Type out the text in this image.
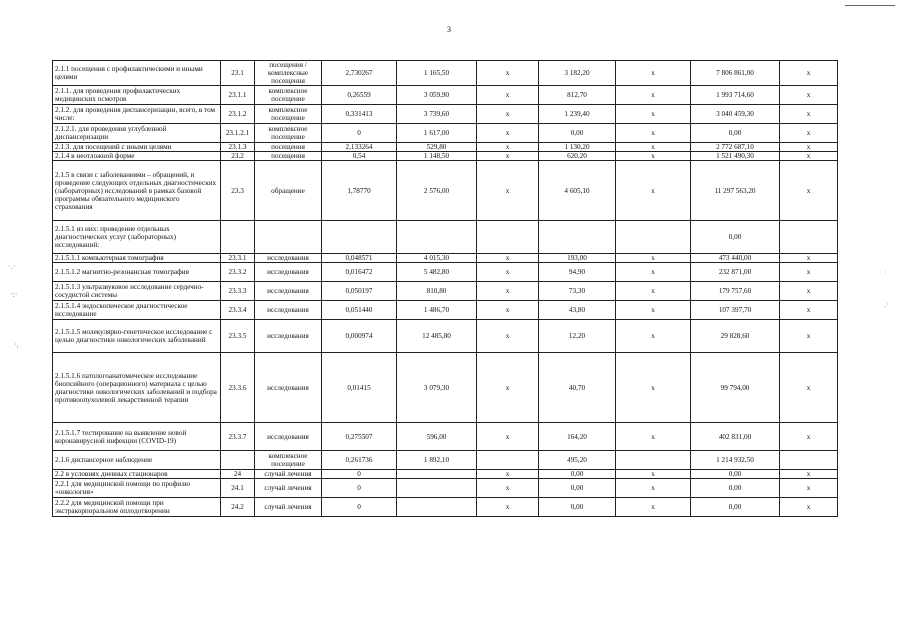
3
·.·
·:·
·,
·
.·
2.1.1 посещения с профилактическими и иными целями	23.1	посещения / комплексные посещения	2,730267	1 165,50	x	3 182,20	x	7 806 861,00	x
2.1.1. для проведения профилактических медицинских осмотров	23.1.1	комплексное посещение	0,26559	3 059,90	x	812,70	x	1 993 714,60	x
2.1.2. для проведения диспансеризации, всего, в том числе:	23.1.2	комплексное посещение	0,331413	3 739,60	x	1 239,40	x	3 040 459,30	x
2.1.2.1. для проведения углубленной диспансеризации	23.1.2.1	комплексное посещение	0	1 617,00	x	0,00	x	0,00	x
2.1.3. для посещений с иными целями	23.1.3	посещения	2,133264	529,80	x	1 130,20	x	2 772 687,10	x
2.1.4 в неотложной форме	23.2	посещения	0,54	1 148,50	x	620,20	x	1 521 490,30	x
2.1.5 в связи с заболеваниями – обращений, и проведение следующих отдельных диагностических (лабораторных) исследований в рамках базовой программы обязательного медицинского страхования	23.3	обращение	1,78770	2 576,00	x	4 605,10	x	11 297 563,20	x
2.1.5.1 из них: проведение отдельных диагностических услуг (лабораторных) исследований:								0,00	
2.1.5.1.1 компьютерная томография	23.3.1	исследования	0,048571	4 015,30	x	193,00	x	473 440,00	x
2.1.5.1.2 магнитно-резонансная томография	23.3.2	исследования	0,016472	5 482,80	x	94,90	x	232 871,00	x
2.1.5.1.3 ультразвуковое исследование сердечно-сосудистой системы	23.3.3	исследования	0,050197	810,80	x	73,30	x	179 757,60	x
2.1.5.1.4 эндоскопическое диагностическое исследование	23.3.4	исследования	0,051440	1 486,70	x	43,80	x	107 397,70	x
2.1.5.1.5 молекулярно-генетическое исследование с целью диагностики онкологических заболеваний	23.3.5	исследования	0,000974	12 485,80	x	12,20	x	29 828,60	x
2.1.5.1.6 патологоанатомическое исследование биопсийного (операционного) материала с целью диагностики онкологических заболеваний и подбора противоопухолевой лекарственной терапии	23.3.6	исследования	0,01415	3 079,30	x	40,70	x	99 794,00	x
2.1.5.1.7 тестирование на выявление новой коронавирусной инфекции (COVID-19)	23.3.7	исследования	0,275507	596,00	x	164,20	x	402 831,00	x
2.1.6 диспансерное наблюдение		комплексное посещение	0,261736	1 892,10		495,20		1 214 932,50	
2.2 в условиях дневных стационаров	24	случай лечения	0		x	0,00	x	0,00	x
2.2.1 для медицинской помощи по профилю «онкология»	24.1	случай лечения	0		x	0,00	x	0,00	x
2.2.2 для медицинской помощи при экстракорпоральном оплодотворении	24.2	случай лечения	0		x	0,00	x	0,00	x
